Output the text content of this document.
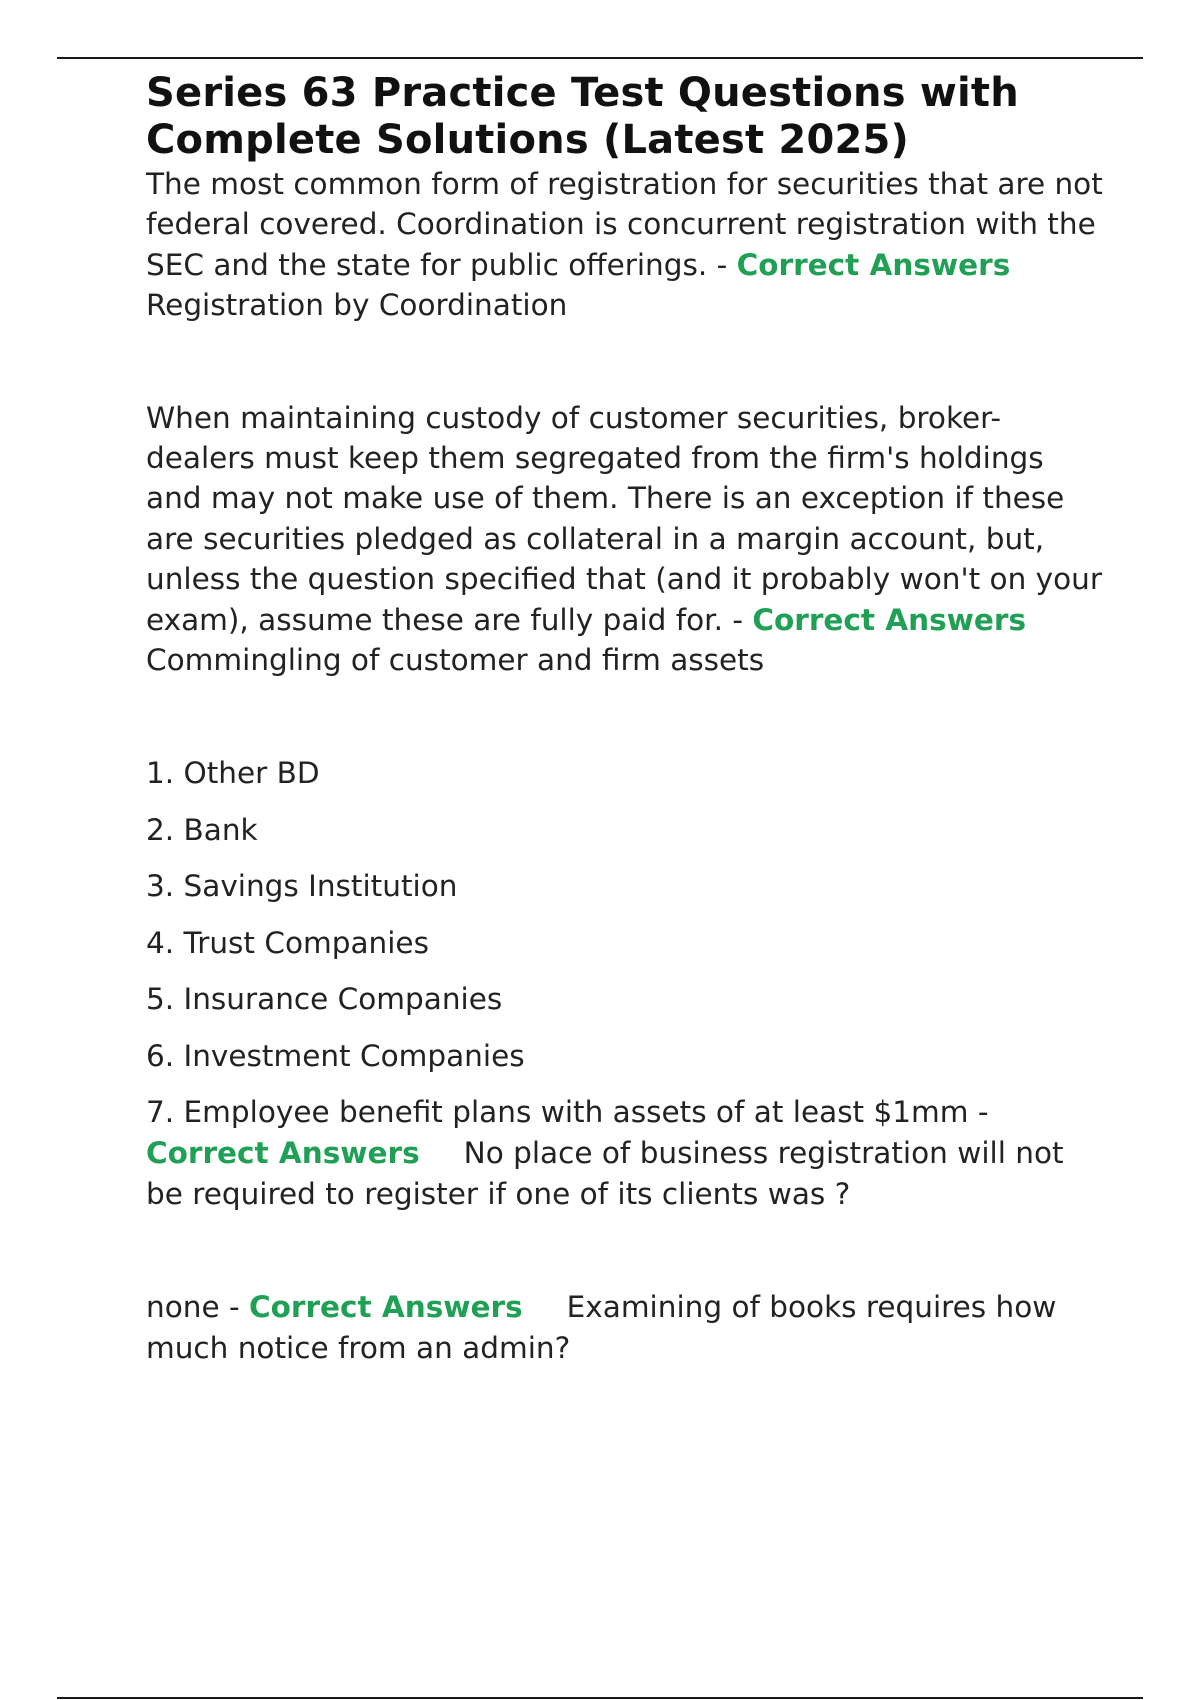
Series 63 Practice Test Questions with Complete Solutions (Latest 2025)

The most common form of registration for securities that are not federal covered. Coordination is concurrent registration with the SEC and the state for public offerings. - Correct AnswersRegistration by Coordination

When maintaining custody of customer securities, broker-dealers must keep them segregated from the firm's holdings and may not make use of them. There is an exception if these are securities pledged as collateral in a margin account, but, unless the question specified that (and it probably won't on your exam), assume these are fully paid for. - Correct AnswersCommingling of customer and firm assets

1. Other BD
2. Bank
3. Savings Institution
4. Trust Companies
5. Insurance Companies
6. Investment Companies
7. Employee benefit plans with assets of at least $1mm - Correct Answers No place of business registration will not be required to register if one of its clients was ?

none - Correct Answers Examining of books requires how much notice from an admin?
